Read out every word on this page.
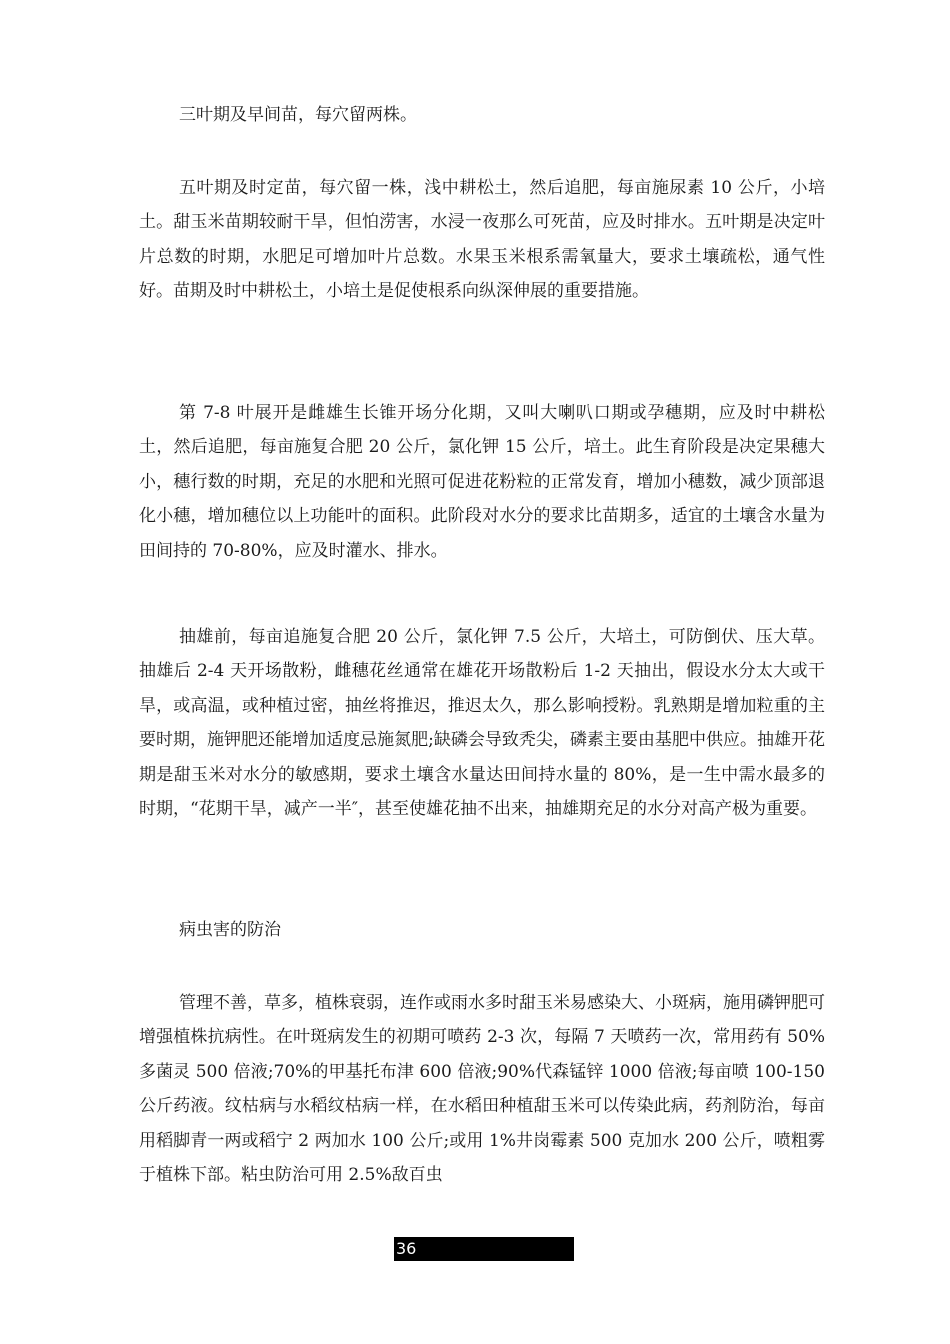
三叶期及早间苗，每穴留两株。

五叶期及时定苗，每穴留一株，浅中耕松土，然后追肥，每亩施尿素 10 公斤，小培土。甜玉米苗期较耐干旱，但怕涝害，水浸一夜那么可死苗，应及时排水。五叶期是决定叶片总数的时期，水肥足可增加叶片总数。水果玉米根系需氧量大，要求土壤疏松，通气性好。苗期及时中耕松土，小培土是促使根系向纵深伸展的重要措施。

第 7-8 叶展开是雌雄生长锥开场分化期，又叫大喇叭口期或孕穗期，应及时中耕松土，然后追肥，每亩施复合肥 20 公斤，氯化钾 15 公斤，培土。此生育阶段是决定果穗大小，穗行数的时期，充足的水肥和光照可促进花粉粒的正常发育，增加小穗数，减少顶部退化小穗，增加穗位以上功能叶的面积。此阶段对水分的要求比苗期多，适宜的土壤含水量为田间持的 70-80%，应及时灌水、排水。

抽雄前，每亩追施复合肥 20 公斤，氯化钾 7.5 公斤，大培土，可防倒伏、压大草。抽雄后 2-4 天开场散粉，雌穗花丝通常在雄花开场散粉后 1-2 天抽出，假设水分太大或干旱，或高温，或种植过密，抽丝将推迟，推迟太久，那么影响授粉。乳熟期是增加粒重的主要时期，施钾肥还能增加适度忌施氮肥;缺磷会导致秃尖，磷素主要由基肥中供应。抽雄开花期是甜玉米对水分的敏感期，要求土壤含水量达田间持水量的 80%，是一生中需水最多的时期，“花期干旱，减产一半″，甚至使雄花抽不出来，抽雄期充足的水分对高产极为重要。

病虫害的防治

管理不善，草多，植株衰弱，连作或雨水多时甜玉米易感染大、小斑病，施用磷钾肥可增强植株抗病性。在叶斑病发生的初期可喷药 2-3 次，每隔 7 天喷药一次，常用药有 50%多菌灵 500 倍液;70%的甲基托布津 600 倍液;90%代森锰锌 1000 倍液;每亩喷 100-150 公斤药液。纹枯病与水稻纹枯病一样，在水稻田种植甜玉米可以传染此病，药剂防治，每亩用稻脚青一两或稻宁 2 两加水 100 公斤;或用 1%井岗霉素 500 克加水 200 公斤，喷粗雾于植株下部。粘虫防治可用 2.5%敌百虫

36
